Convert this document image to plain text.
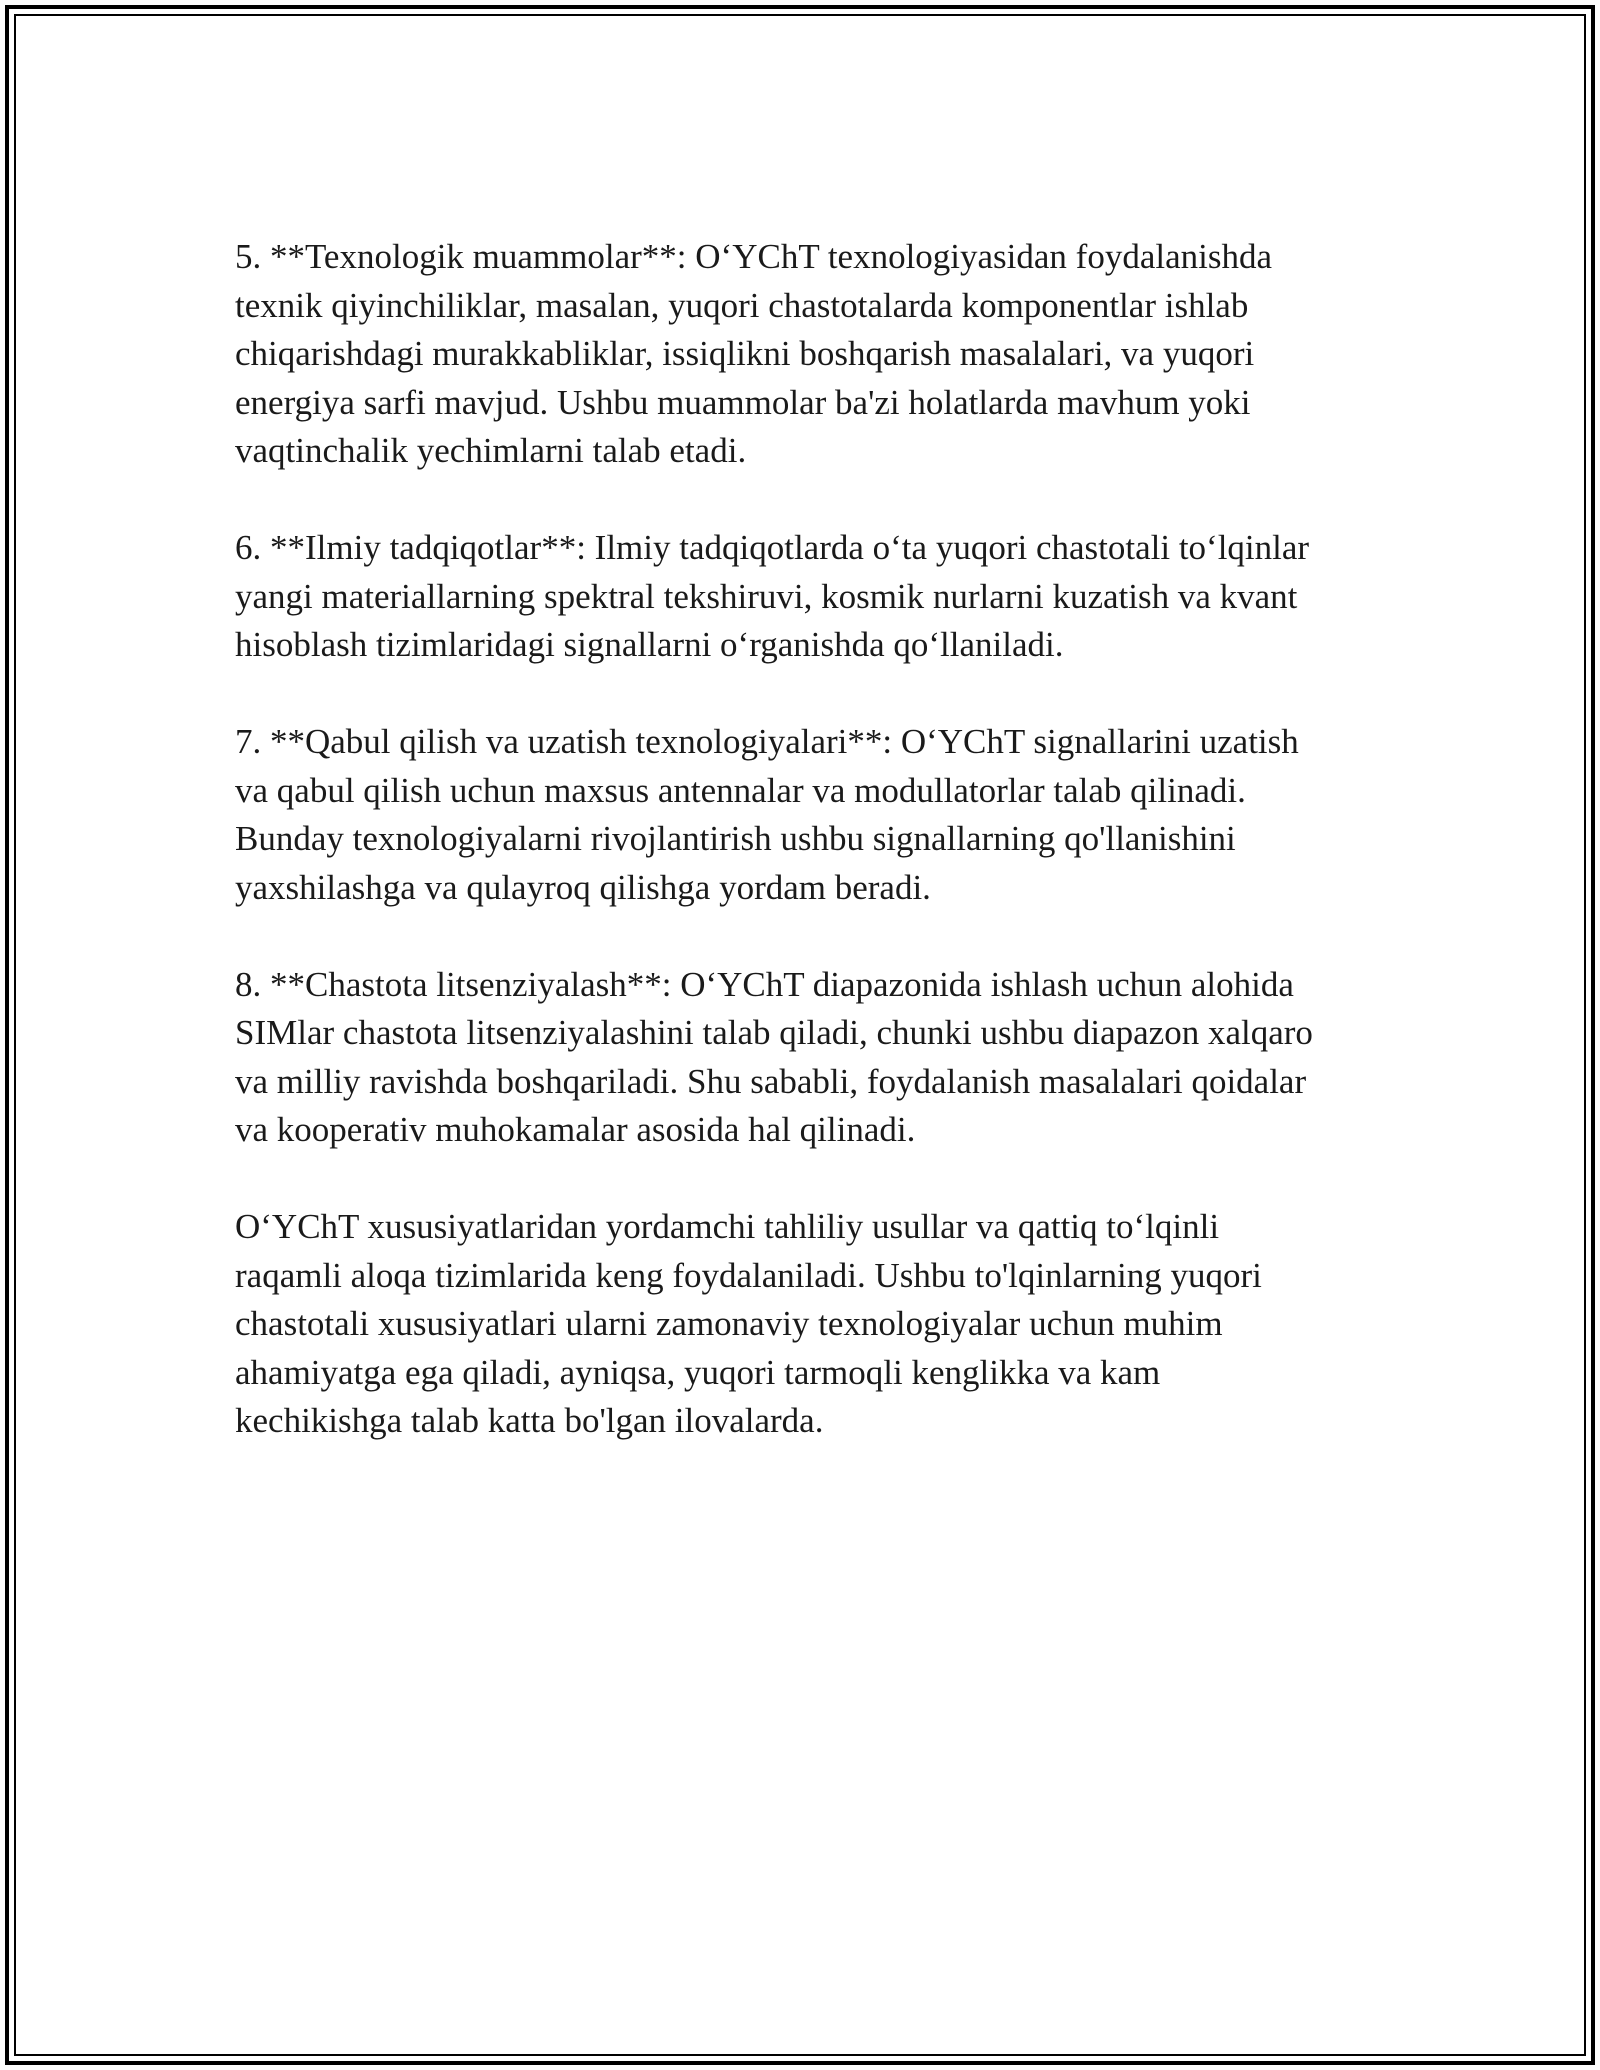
5. **Texnologik muammolar**: O‘YChT texnologiyasidan foydalanishda
texnik qiyinchiliklar, masalan, yuqori chastotalarda komponentlar ishlab
chiqarishdagi murakkabliklar, issiqlikni boshqarish masalalari, va yuqori
energiya sarfi mavjud. Ushbu muammolar ba'zi holatlarda mavhum yoki
vaqtinchalik yechimlarni talab etadi.

6. **Ilmiy tadqiqotlar**: Ilmiy tadqiqotlarda o‘ta yuqori chastotali to‘lqinlar
yangi materiallarning spektral tekshiruvi, kosmik nurlarni kuzatish va kvant
hisoblash tizimlaridagi signallarni o‘rganishda qo‘llaniladi.

7. **Qabul qilish va uzatish texnologiyalari**: O‘YChT signallarini uzatish
va qabul qilish uchun maxsus antennalar va modullatorlar talab qilinadi.
Bunday texnologiyalarni rivojlantirish ushbu signallarning qo'llanishini
yaxshilashga va qulayroq qilishga yordam beradi.

8. **Chastota litsenziyalash**: O‘YChT diapazonida ishlash uchun alohida
SIMlar chastota litsenziyalashini talab qiladi, chunki ushbu diapazon xalqaro
va milliy ravishda boshqariladi. Shu sababli, foydalanish masalalari qoidalar
va kooperativ muhokamalar asosida hal qilinadi.

O‘YChT xususiyatlaridan yordamchi tahliliy usullar va qattiq to‘lqinli
raqamli aloqa tizimlarida keng foydalaniladi. Ushbu to'lqinlarning yuqori
chastotali xususiyatlari ularni zamonaviy texnologiyalar uchun muhim
ahamiyatga ega qiladi, ayniqsa, yuqori tarmoqli kenglikka va kam
kechikishga talab katta bo'lgan ilovalarda.
